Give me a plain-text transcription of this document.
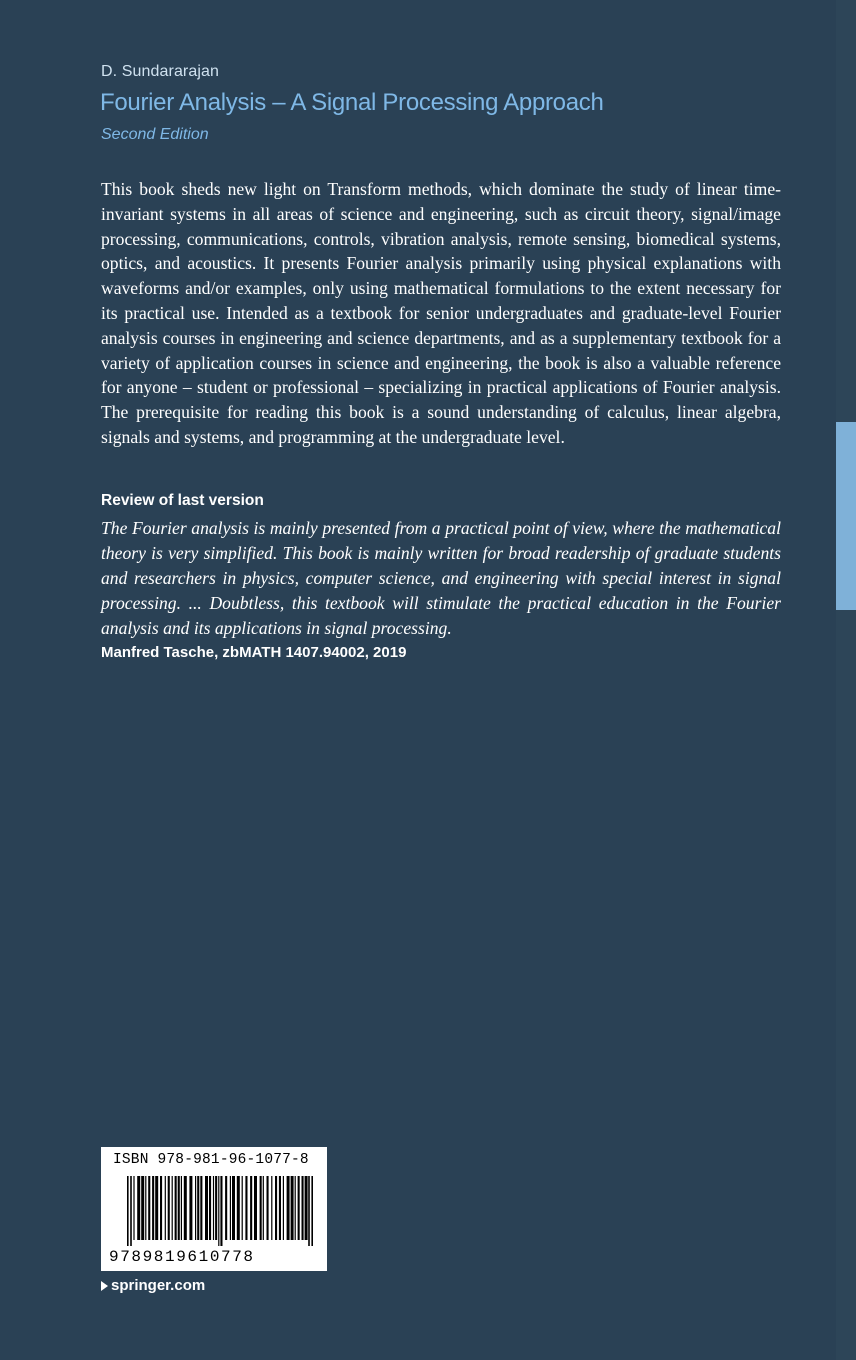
D. Sundararajan
Fourier Analysis – A Signal Processing Approach
Second Edition

This book sheds new light on Transform methods, which dominate the study of linear time-invariant systems in all areas of science and engineering, such as circuit theory, signal/image processing, communications, controls, vibration analysis, remote sensing, biomedical systems, optics, and acoustics. It presents Fourier analysis primarily using physical explanations with waveforms and/or examples, only using mathematical formulations to the extent necessary for its practical use. Intended as a textbook for senior undergraduates and graduate-level Fourier analysis courses in engineering and science departments, and as a supplementary textbook for a variety of application courses in science and engineering, the book is also a valuable reference for anyone – student or professional – specializing in practical applications of Fourier analysis. The prerequisite for reading this book is a sound understanding of calculus, linear algebra, signals and systems, and programming at the undergraduate level.

Review of last version

The Fourier analysis is mainly presented from a practical point of view, where the mathematical theory is very simplified. This book is mainly written for broad readership of graduate students and researchers in physics, computer science, and engineering with special interest in signal processing. ... Doubtless, this textbook will stimulate the practical education in the Fourier analysis and its applications in signal processing.

Manfred Tasche, zbMATH 1407.94002, 2019
ISBN 978-981-96-1077-8
9789819610778
springer.com
